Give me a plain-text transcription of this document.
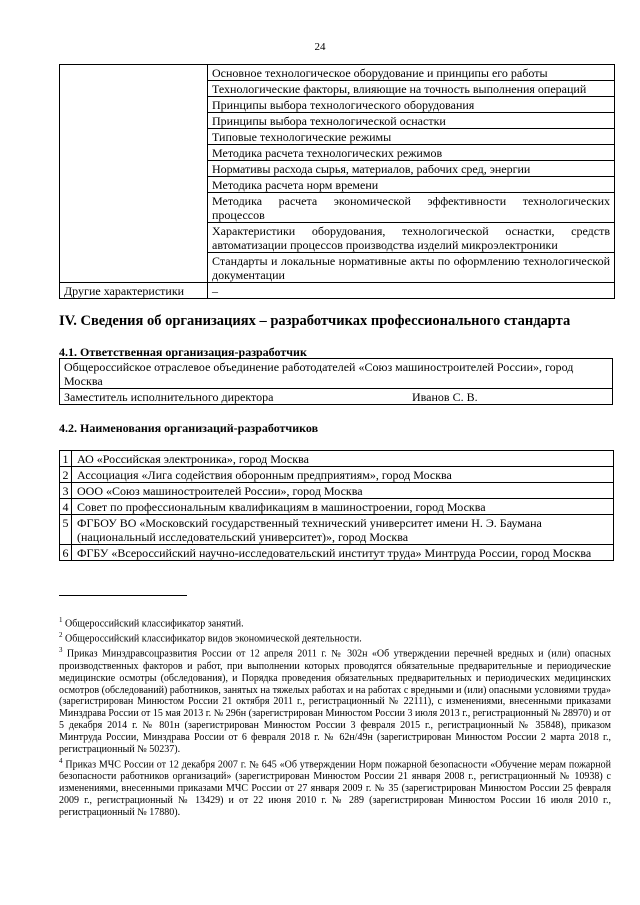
24
	Основное технологическое оборудование и принципы его работы
	Технологические факторы, влияющие на точность выполнения операций
	Принципы выбора технологического оборудования
	Принципы выбора технологической оснастки
	Типовые технологические режимы
	Методика расчета технологических режимов
	Нормативы расхода сырья, материалов, рабочих сред, энергии
	Методика расчета норм времени
	Методика расчета экономической эффективности технологических процессов
	Характеристики оборудования, технологической оснастки, средств автоматизации процессов производства изделий микроэлектроники
	Стандарты и локальные нормативные акты по оформлению технологической документации
Другие характеристики	–
IV. Сведения об организациях – разработчиках профессионального стандарта

4.1. Ответственная организация-разработчик

Общероссийское отраслевое объединение работодателей «Союз машиностроителей России», город Москва
Заместитель исполнительного директора	Иванов С. В.

4.2. Наименования организаций-разработчиков

1	АО «Российская электроника», город Москва
2	Ассоциация «Лига содействия оборонным предприятиям», город Москва
3	ООО «Союз машиностроителей России», город Москва
4	Совет по профессиональным квалификациям в машиностроении, город Москва
5	ФГБОУ ВО «Московский государственный технический университет имени Н. Э. Баумана (национальный исследовательский университет)», город Москва
6	ФГБУ «Всероссийский научно-исследовательский институт труда» Минтруда России, город Москва

$^1$ Общероссийский классификатор занятий.

$^2$ Общероссийский классификатор видов экономической деятельности.

$^3$ Приказ Минздравсоцразвития России от 12 апреля 2011 г. № 302н «Об утверждении перечней вредных и (или) опасных производственных факторов и работ, при выполнении которых проводятся обязательные предварительные и периодические медицинские осмотры (обследования), и Порядка проведения обязательных предварительных и периодических медицинских осмотров (обследований) работников, занятых на тяжелых работах и на работах с вредными и (или) опасными условиями труда» (зарегистрирован Минюстом России 21 октября 2011 г., регистрационный № 22111), с изменениями, внесенными приказами Минздрава России от 15 мая 2013 г. № 296н (зарегистрирован Минюстом России 3 июля 2013 г., регистрационный № 28970) и от 5 декабря 2014 г. № 801н (зарегистрирован Минюстом России 3 февраля 2015 г., регистрационный № 35848), приказом Минтруда России, Минздрава России от 6 февраля 2018 г. № 62н/49н (зарегистрирован Минюстом России 2 марта 2018 г., регистрационный № 50237).

$^4$ Приказ МЧС России от 12 декабря 2007 г. № 645 «Об утверждении Норм пожарной безопасности «Обучение мерам пожарной безопасности работников организаций» (зарегистрирован Минюстом России 21 января 2008 г., регистрационный № 10938) с изменениями, внесенными приказами МЧС России от 27 января 2009 г. № 35 (зарегистрирован Минюстом России 25 февраля 2009 г., регистрационный № 13429) и от 22 июня 2010 г. № 289 (зарегистрирован Минюстом России 16 июля 2010 г., регистрационный № 17880).
